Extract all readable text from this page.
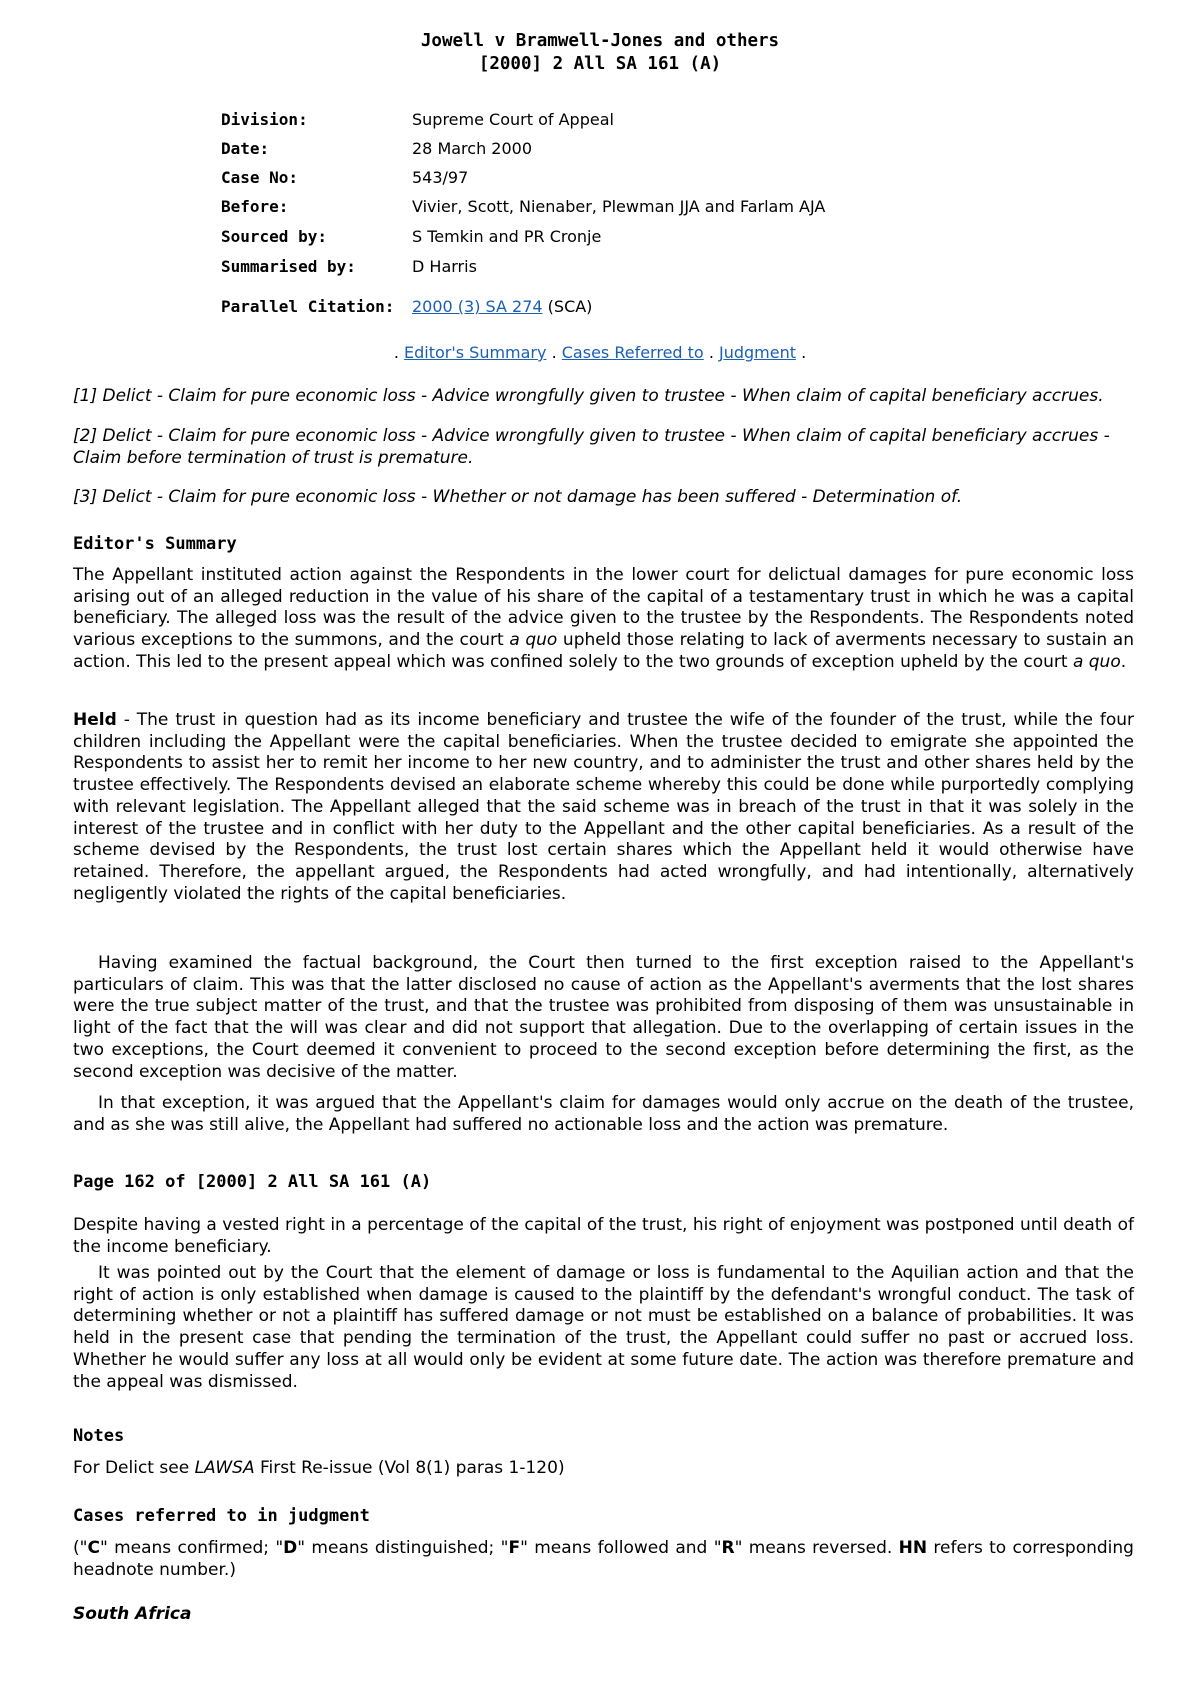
Jowell v Bramwell-Jones and others
[2000] 2 All SA 161 (A)
Division:	Supreme Court of Appeal
Date:	28 March 2000
Case No:	543/97
Before:	Vivier, Scott, Nienaber, Plewman JJA and Farlam AJA
Sourced by:	S Temkin and PR Cronje
Summarised by:	D Harris
Parallel Citation: 2000 (3) SA 274 (SCA)
. Editor's Summary . Cases Referred to . Judgment .
[1] Delict - Claim for pure economic loss - Advice wrongfully given to trustee - When claim of capital beneficiary accrues.
[2] Delict - Claim for pure economic loss - Advice wrongfully given to trustee - When claim of capital beneficiary accrues - Claim before termination of trust is premature.
[3] Delict - Claim for pure economic loss - Whether or not damage has been suffered - Determination of.
Editor's Summary
The Appellant instituted action against the Respondents in the lower court for delictual damages for pure economic loss arising out of an alleged reduction in the value of his share of the capital of a testamentary trust in which he was a capital beneficiary. The alleged loss was the result of the advice given to the trustee by the Respondents. The Respondents noted various exceptions to the summons, and the court a quo upheld those relating to lack of averments necessary to sustain an action. This led to the present appeal which was confined solely to the two grounds of exception upheld by the court a quo.
Held - The trust in question had as its income beneficiary and trustee the wife of the founder of the trust, while the four children including the Appellant were the capital beneficiaries. When the trustee decided to emigrate she appointed the Respondents to assist her to remit her income to her new country, and to administer the trust and other shares held by the trustee effectively. The Respondents devised an elaborate scheme whereby this could be done while purportedly complying with relevant legislation. The Appellant alleged that the said scheme was in breach of the trust in that it was solely in the interest of the trustee and in conflict with her duty to the Appellant and the other capital beneficiaries. As a result of the scheme devised by the Respondents, the trust lost certain shares which the Appellant held it would otherwise have retained. Therefore, the appellant argued, the Respondents had acted wrongfully, and had intentionally, alternatively negligently violated the rights of the capital beneficiaries.
Having examined the factual background, the Court then turned to the first exception raised to the Appellant's particulars of claim. This was that the latter disclosed no cause of action as the Appellant's averments that the lost shares were the true subject matter of the trust, and that the trustee was prohibited from disposing of them was unsustainable in light of the fact that the will was clear and did not support that allegation. Due to the overlapping of certain issues in the two exceptions, the Court deemed it convenient to proceed to the second exception before determining the first, as the second exception was decisive of the matter.
In that exception, it was argued that the Appellant's claim for damages would only accrue on the death of the trustee, and as she was still alive, the Appellant had suffered no actionable loss and the action was premature.
Page 162 of [2000] 2 All SA 161 (A)
Despite having a vested right in a percentage of the capital of the trust, his right of enjoyment was postponed until death of the income beneficiary.
It was pointed out by the Court that the element of damage or loss is fundamental to the Aquilian action and that the right of action is only established when damage is caused to the plaintiff by the defendant's wrongful conduct. The task of determining whether or not a plaintiff has suffered damage or not must be established on a balance of probabilities. It was held in the present case that pending the termination of the trust, the Appellant could suffer no past or accrued loss. Whether he would suffer any loss at all would only be evident at some future date. The action was therefore premature and the appeal was dismissed.
Notes
For Delict see LAWSA First Re-issue (Vol 8(1) paras 1-120)
Cases referred to in judgment
("C" means confirmed; "D" means distinguished; "F" means followed and "R" means reversed. HN refers to corresponding headnote number.)
South Africa
